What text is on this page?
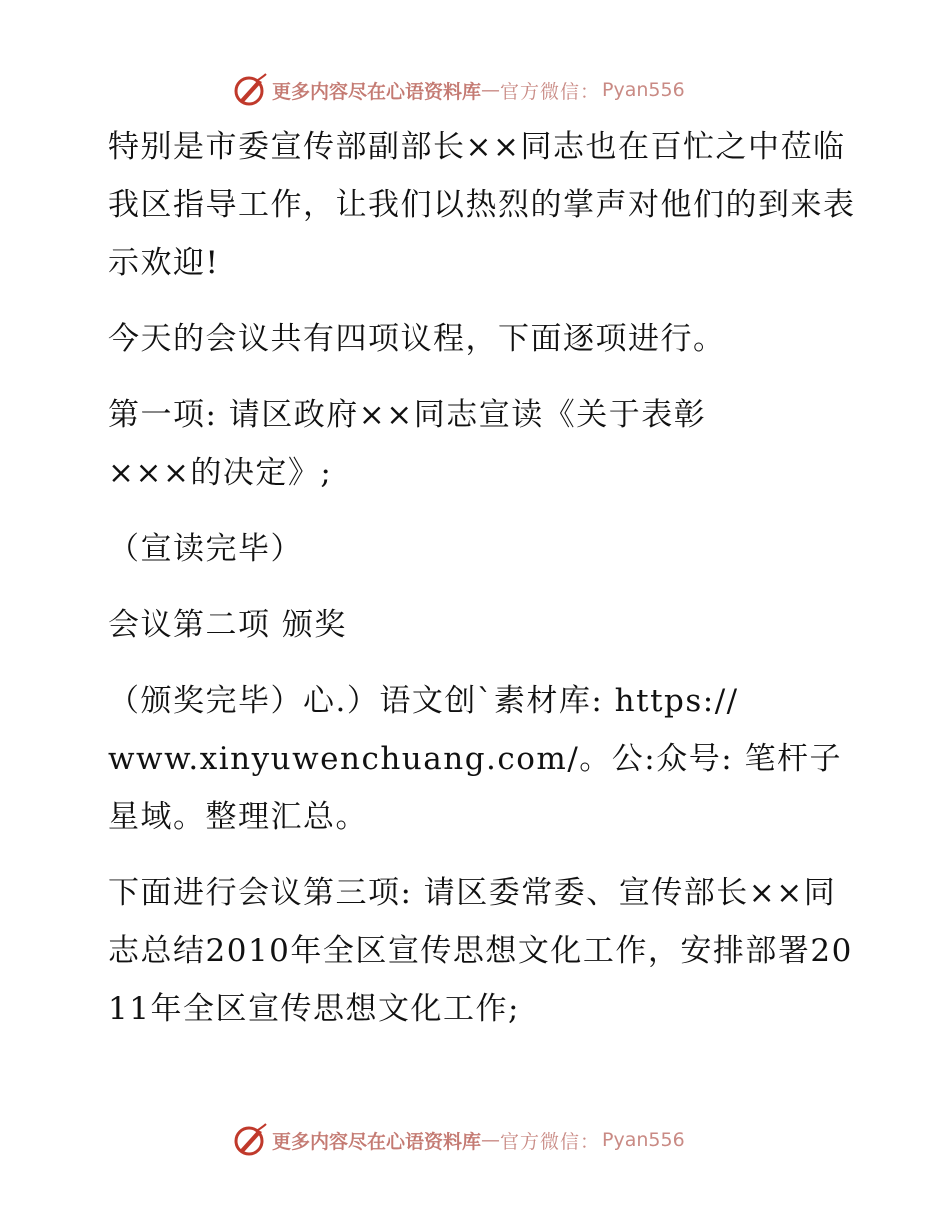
更多内容尽在心语资料库 — 官方微信： Pyan556

特别是市委宣传部副部长××同志也在百忙之中莅临我区指导工作，让我们以热烈的掌声对他们的到来表示欢迎!

今天的会议共有四项议程，下面逐项进行。

第一项: 请区政府××同志宣读《关于表彰
×××的决定》;

（宣读完毕）

会议第二项 颁奖

（颁奖完毕）心.）语文创`素材库: https://
www.xinyuwenchuang.com/。公:众号: 笔杆子星域。整理汇总。

下面进行会议第三项: 请区委常委、宣传部长××同志总结2010年全区宣传思想文化工作，安排部署2011年全区宣传思想文化工作;

更多内容尽在心语资料库 — 官方微信： Pyan556
